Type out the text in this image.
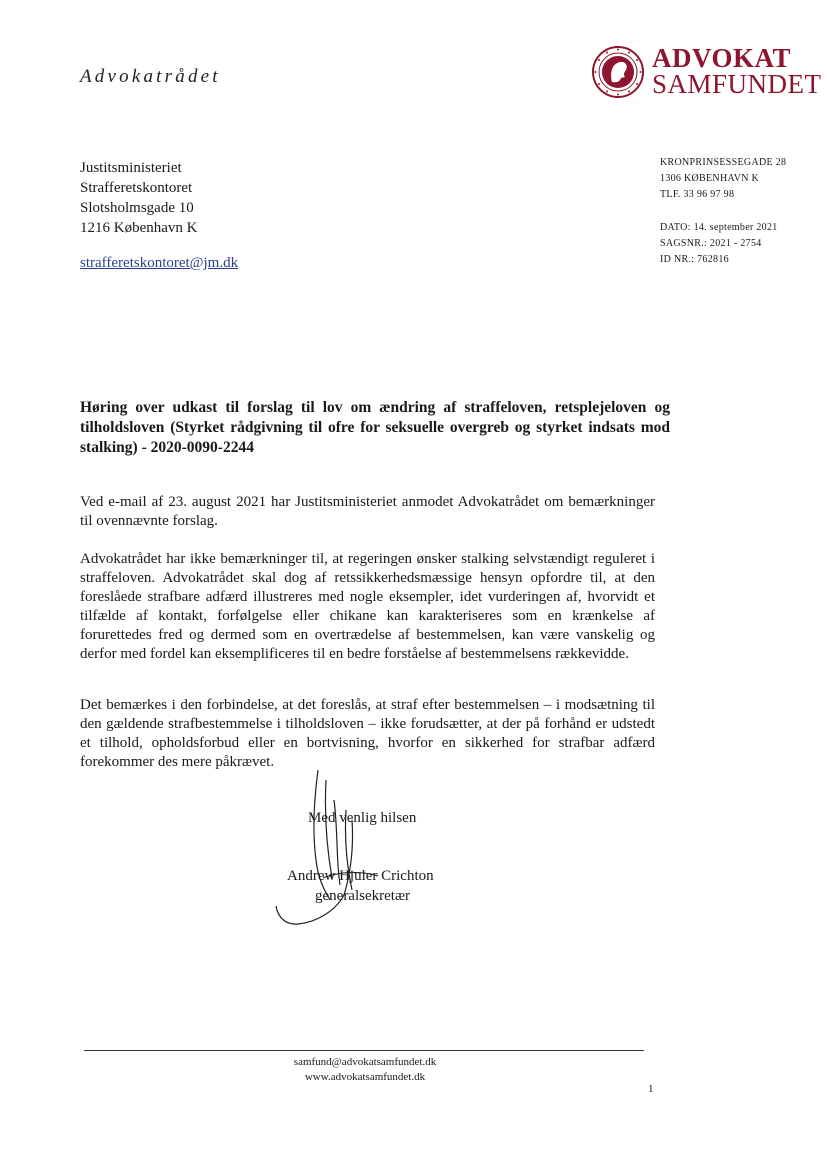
Advokatrådet
ADVOKAT
SAMFUNDET
Justitsministeriet
Strafferetskontoret
Slotsholmsgade 10
1216 København K
strafferetskontoret@jm.dk
KRONPRINSESSEGADE 28
1306 KØBENHAVN K
TLF. 33 96 97 98
DATO: 14. september 2021
SAGSNR.: 2021 - 2754
ID NR.: 762816
Høring over udkast til forslag til lov om ændring af straffeloven, retsplejeloven og tilholdsloven (Styrket rådgivning til ofre for seksuelle overgreb og styrket indsats mod stalking) - 2020-0090-2244
Ved e-mail af 23. august 2021 har Justitsministeriet anmodet Advokatrådet om bemærkninger til ovennævnte forslag.
Advokatrådet har ikke bemærkninger til, at regeringen ønsker stalking selvstændigt reguleret i straffeloven. Advokatrådet skal dog af retssikkerhedsmæssige hensyn opfordre til, at den foreslåede strafbare adfærd illustreres med nogle eksempler, idet vurderingen af, hvorvidt et tilfælde af kontakt, forfølgelse eller chikane kan karakteriseres som en krænkelse af forurettedes fred og dermed som en overtrædelse af bestemmelsen, kan være vanskelig og derfor med fordel kan eksemplificeres til en bedre forståelse af bestemmelsens rækkevidde.
Det bemærkes i den forbindelse, at det foreslås, at straf efter bestemmelsen – i modsætning til den gældende strafbestemmelse i tilholdsloven – ikke forudsætter, at der på forhånd er udstedt et tilhold, opholdsforbud eller en bortvisning, hvorfor en sikkerhed for strafbar adfærd forekommer des mere påkrævet.
Med venlig hilsen
Andrew Hjuler Crichton
generalsekretær
samfund@advokatsamfundet.dk
www.advokatsamfundet.dk
1
